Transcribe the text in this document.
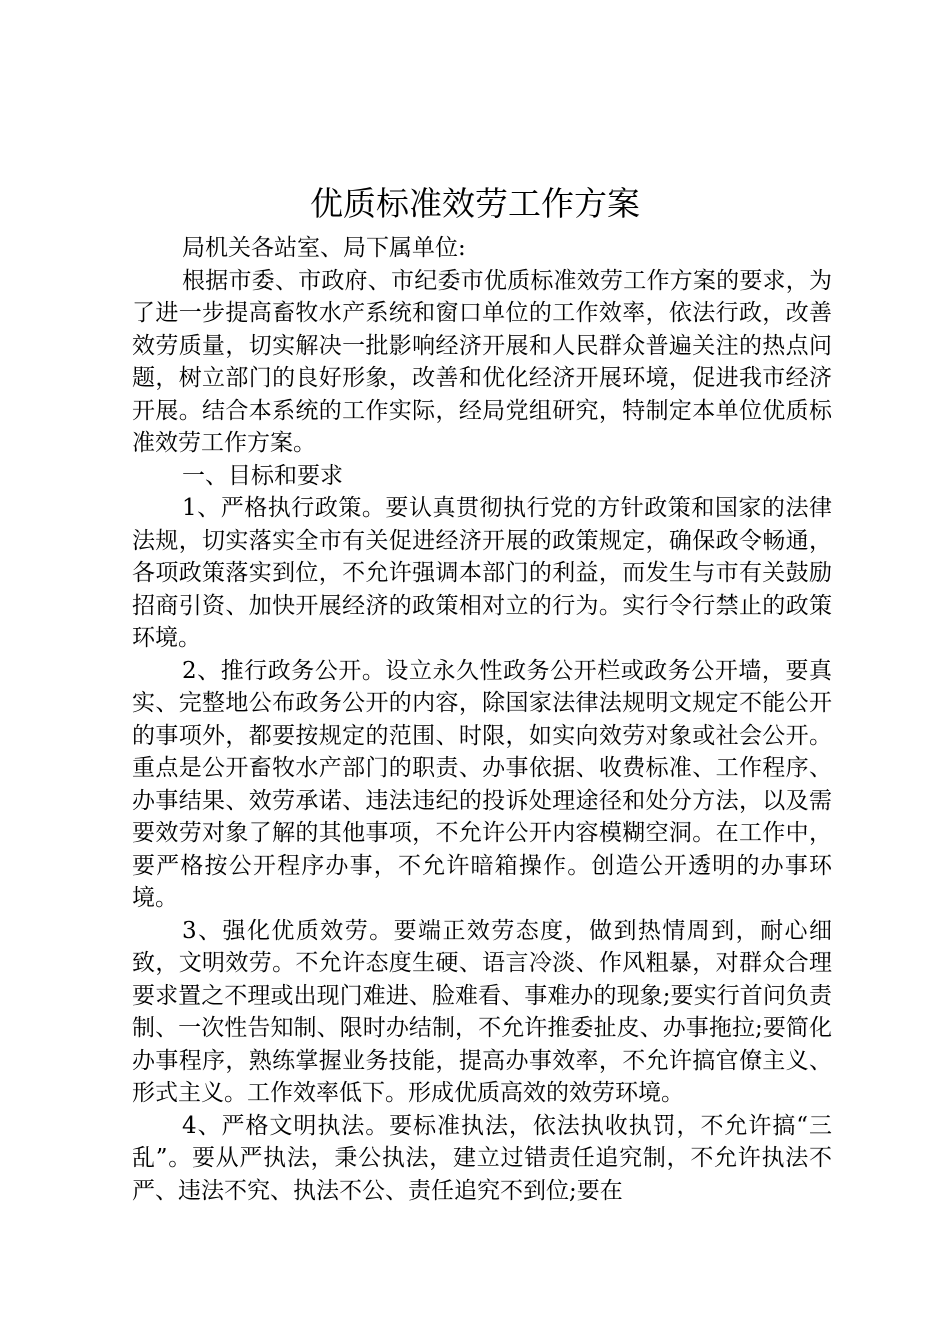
优质标准效劳工作方案

局机关各站室、局下属单位:

根据市委、市政府、市纪委市优质标准效劳工作方案的要求，为了进一步提高畜牧水产系统和窗口单位的工作效率，依法行政，改善效劳质量，切实解决一批影响经济开展和人民群众普遍关注的热点问题，树立部门的良好形象，改善和优化经济开展环境，促进我市经济开展。结合本系统的工作实际，经局党组研究，特制定本单位优质标准效劳工作方案。

一、目标和要求

1、严格执行政策。要认真贯彻执行党的方针政策和国家的法律法规，切实落实全市有关促进经济开展的政策规定，确保政令畅通，各项政策落实到位，不允许强调本部门的利益，而发生与市有关鼓励招商引资、加快开展经济的政策相对立的行为。实行令行禁止的政策环境。

2、推行政务公开。设立永久性政务公开栏或政务公开墙，要真实、完整地公布政务公开的内容，除国家法律法规明文规定不能公开的事项外，都要按规定的范围、时限，如实向效劳对象或社会公开。重点是公开畜牧水产部门的职责、办事依据、收费标准、工作程序、办事结果、效劳承诺、违法违纪的投诉处理途径和处分方法，以及需要效劳对象了解的其他事项，不允许公开内容模糊空洞。在工作中，要严格按公开程序办事，不允许暗箱操作。创造公开透明的办事环境。

3、强化优质效劳。要端正效劳态度，做到热情周到，耐心细致，文明效劳。不允许态度生硬、语言冷淡、作风粗暴，对群众合理要求置之不理或出现门难进、脸难看、事难办的现象;要实行首问负责制、一次性告知制、限时办结制，不允许推委扯皮、办事拖拉;要简化办事程序，熟练掌握业务技能，提高办事效率，不允许搞官僚主义、形式主义。工作效率低下。形成优质高效的效劳环境。

4、严格文明执法。要标准执法，依法执收执罚，不允许搞“三乱”。要从严执法，秉公执法，建立过错责任追究制，不允许执法不严、违法不究、执法不公、责任追究不到位;要在
